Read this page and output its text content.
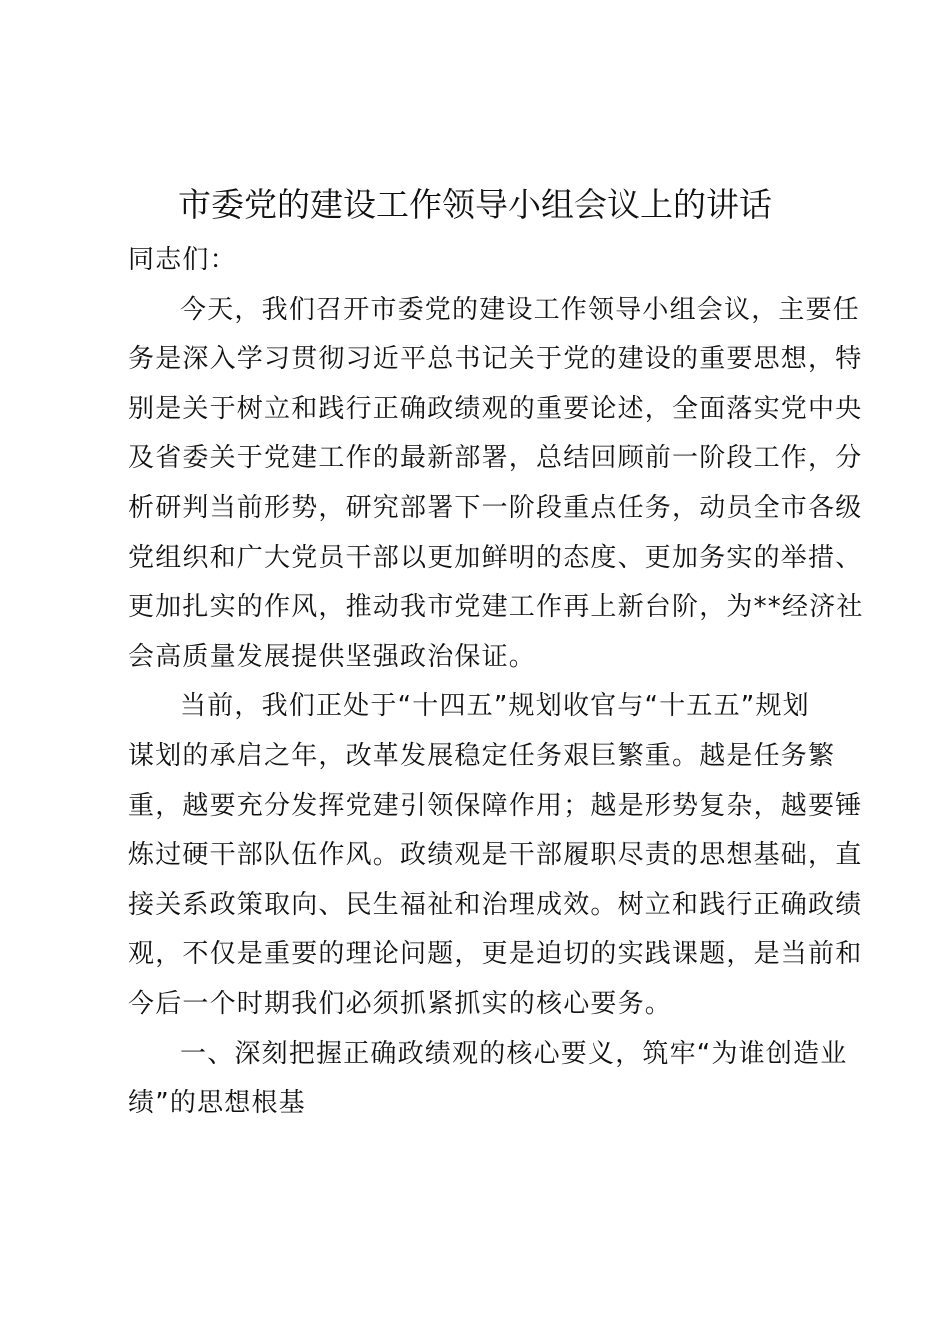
市委党的建设工作领导小组会议上的讲话
同志们：
今天，我们召开市委党的建设工作领导小组会议，主要任
务是深入学习贯彻习近平总书记关于党的建设的重要思想，特
别是关于树立和践行正确政绩观的重要论述，全面落实党中央
及省委关于党建工作的最新部署，总结回顾前一阶段工作，分
析研判当前形势，研究部署下一阶段重点任务，动员全市各级
党组织和广大党员干部以更加鲜明的态度、更加务实的举措、
更加扎实的作风，推动我市党建工作再上新台阶，为**经济社
会高质量发展提供坚强政治保证。
当前，我们正处于“十四五”规划收官与“十五五”规划
谋划的承启之年，改革发展稳定任务艰巨繁重。越是任务繁
重，越要充分发挥党建引领保障作用；越是形势复杂，越要锤
炼过硬干部队伍作风。政绩观是干部履职尽责的思想基础，直
接关系政策取向、民生福祉和治理成效。树立和践行正确政绩
观，不仅是重要的理论问题，更是迫切的实践课题，是当前和
今后一个时期我们必须抓紧抓实的核心要务。
一、深刻把握正确政绩观的核心要义，筑牢“为谁创造业
绩”的思想根基
